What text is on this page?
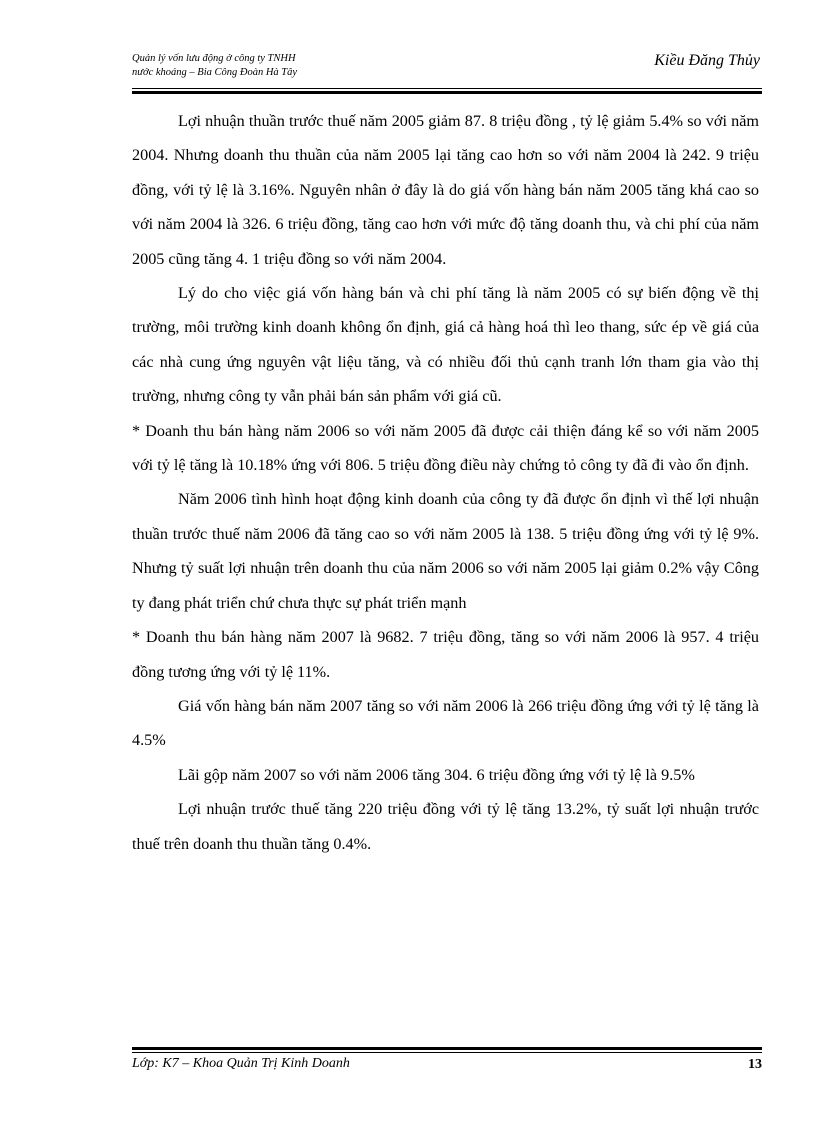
Quản lý vốn lưu động ở công ty TNHH
nước khoáng – Bia Công Đoàn Hà Tây
Kiều Đăng Thủy

Lợi nhuận thuần trước thuế năm 2005 giảm 87. 8 triệu đồng , tỷ lệ giảm 5.4% so với năm 2004. Nhưng doanh thu thuần của năm 2005 lại tăng cao hơn so với năm 2004 là 242. 9 triệu đồng, với tỷ lệ là 3.16%. Nguyên nhân ở đây là do giá vốn hàng bán năm 2005 tăng khá cao so với năm 2004 là 326. 6 triệu đồng, tăng cao hơn với mức độ tăng doanh thu, và chi phí của năm 2005 cũng tăng 4. 1 triệu đồng so với năm 2004.

Lý do cho việc giá vốn hàng bán và chi phí tăng là năm 2005 có sự biến động về thị trường, môi trường kinh doanh không ổn định, giá cả hàng hoá thì leo thang, sức ép về giá của các nhà cung ứng nguyên vật liệu tăng, và có nhiều đối thủ cạnh tranh lớn tham gia vào thị trường, nhưng công ty vẫn phải bán sản phẩm với giá cũ.

* Doanh thu bán hàng năm 2006 so với năm 2005 đã được cải thiện đáng kể so với năm 2005 với tỷ lệ tăng là 10.18% ứng với 806. 5 triệu đồng điều này chứng tỏ công ty đã đi vào ổn định.

Năm 2006 tình hình hoạt động kinh doanh của công ty đã được ổn định vì thế lợi nhuận thuần trước thuế năm 2006 đã tăng cao so với năm 2005 là 138. 5 triệu đồng ứng với tỷ lệ 9%. Nhưng tỷ suất lợi nhuận trên doanh thu của năm 2006 so với năm 2005 lại giảm 0.2% vậy Công ty đang phát triển chứ chưa thực sự phát triển mạnh

* Doanh thu bán hàng năm 2007 là 9682. 7 triệu đồng, tăng so với năm 2006 là 957. 4 triệu đồng tương ứng với tỷ lệ 11%.

Giá vốn hàng bán năm 2007 tăng so với năm 2006 là 266 triệu đồng ứng với tỷ lệ tăng là 4.5%

Lãi gộp năm 2007 so với năm 2006 tăng 304. 6 triệu đồng ứng với tỷ lệ là 9.5%

Lợi nhuận trước thuế tăng 220 triệu đồng với tỷ lệ tăng 13.2%, tỷ suất lợi nhuận trước thuế trên doanh thu thuần tăng 0.4%.

Lớp: K7 – Khoa Quản Trị Kinh Doanh	13
